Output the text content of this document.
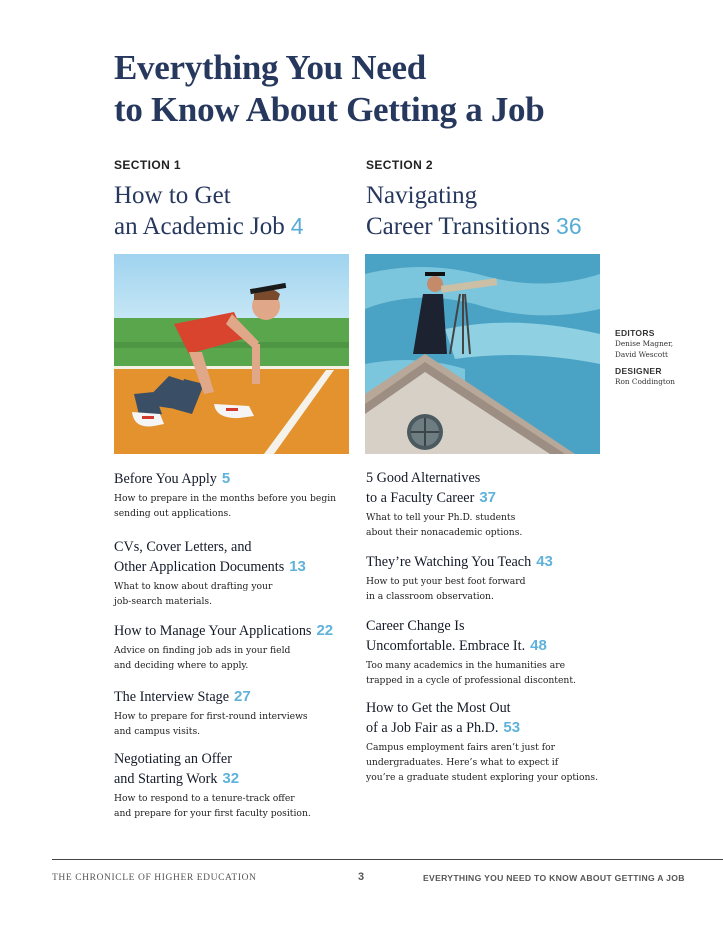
Everything You Need
to Know About Getting a Job
SECTION 1	SECTION 2
How to Get
an Academic Job 4
Navigating
Career Transitions 36
EDITORS
Denise Magner,
David Wescott
DESIGNER
Ron Coddington
Before You Apply 5
How to prepare in the months before you begin
sending out applications.
CVs, Cover Letters, and
Other Application Documents 13
What to know about drafting your
job-search materials.
How to Manage Your Applications 22
Advice on finding job ads in your field
and deciding where to apply.
The Interview Stage 27
How to prepare for first-round interviews
and campus visits.
Negotiating an Offer
and Starting Work 32
How to respond to a tenure-track offer
and prepare for your first faculty position.
5 Good Alternatives
to a Faculty Career 37
What to tell your Ph.D. students
about their nonacademic options.
They’re Watching You Teach 43
How to put your best foot forward
in a classroom observation.
Career Change Is
Uncomfortable. Embrace It. 48
Too many academics in the humanities are
trapped in a cycle of professional discontent.
How to Get the Most Out
of a Job Fair as a Ph.D. 53
Campus employment fairs aren’t just for
undergraduates. Here’s what to expect if
you’re a graduate student exploring your options.
THE CHRONICLE OF HIGHER EDUCATION	3	EVERYTHING YOU NEED TO KNOW ABOUT GETTING A JOB
